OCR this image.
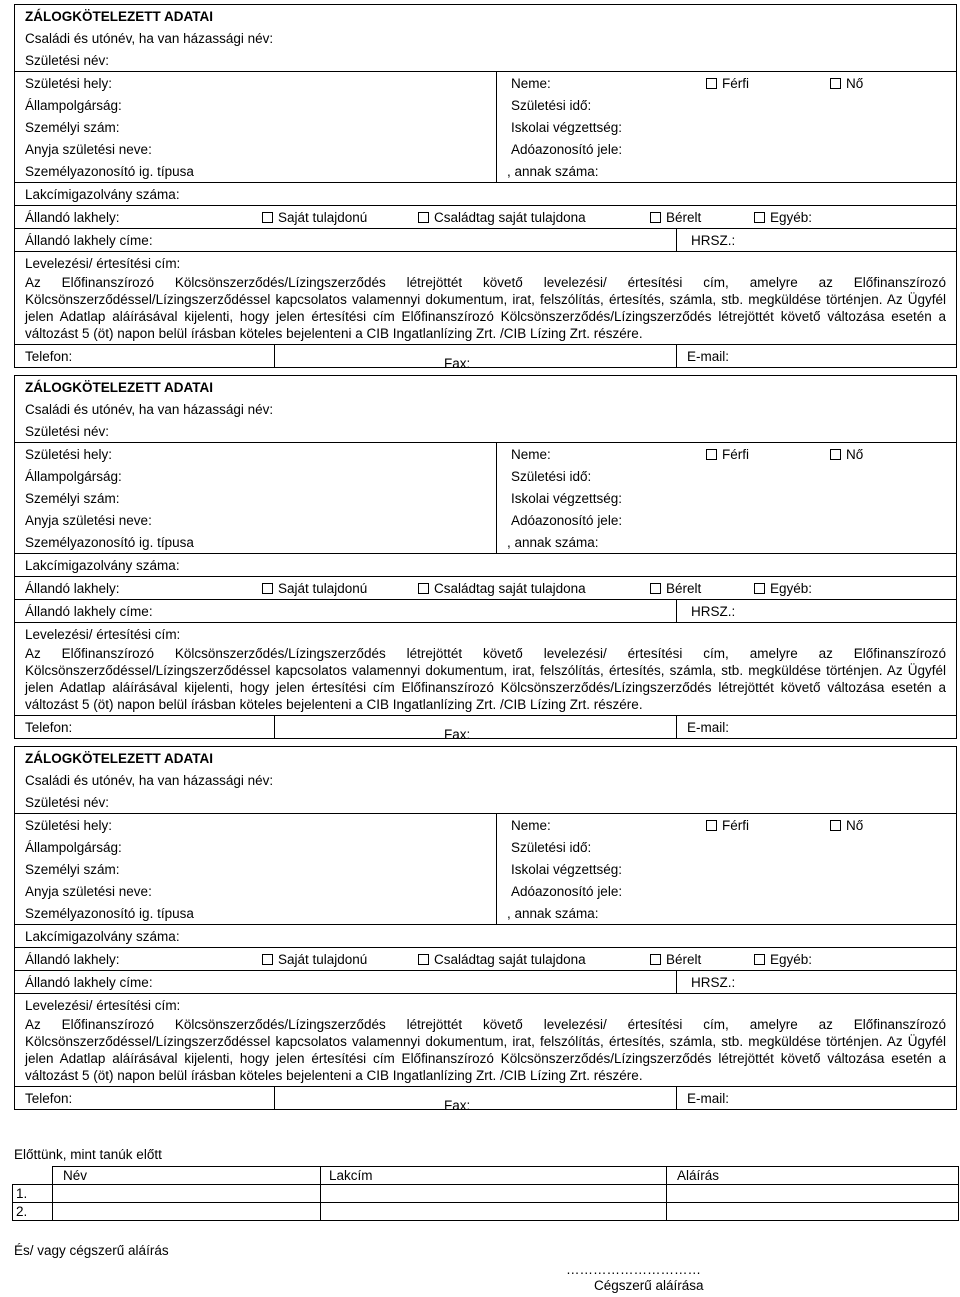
ZÁLOGKÖTELEZETT ADATAI			
Családi és utónév, ha van házassági név:			
Születési név:			
Születési hely:		Neme: Férfi Nő	

Állampolgárság:		Születési idő:	
Személyi szám:		Iskolai végzettség:	
Anyja születési neve:		Adóazonosító jele:	
Személyazonosító ig. típusa		, annak száma:	
Lakcímigazolvány száma:			
Állandó lakhely: Saját tulajdonú Családtag saját tulajdona Bérelt Egyéb:			

Állandó lakhely címe:			HRSZ.:
Levelezési/ értesítési cím:			
Az Előfinanszírozó Kölcsönszerződés/Lízingszerződés létrejöttét követő levelezési/ értesítési cím, amelyre az Előfinanszírozó Kölcsönszerződéssel/Lízingszerződéssel kapcsolatos valamennyi dokumentum, irat, felszólítás, értesítés, számla, stb. megküldése történjen. Az Ügyfél jelen Adatlap aláírásával kijelenti, hogy jelen értesítési cím Előfinanszírozó Kölcsönszerződés/Lízingszerződés létrejöttét követő változása esetén a változást 5 (öt) napon belül írásban köteles bejelenteni a CIB Ingatlanlízing Zrt. /CIB Lízing Zrt. részére.			
Telefon:	Fax:		E-mail:
ZÁLOGKÖTELEZETT ADATAI			
Családi és utónév, ha van házassági név:			
Születési név:			
Születési hely:		Neme: Férfi Nő	

Állampolgárság:		Születési idő:	
Személyi szám:		Iskolai végzettség:	
Anyja születési neve:		Adóazonosító jele:	
Személyazonosító ig. típusa		, annak száma:	
Lakcímigazolvány száma:			
Állandó lakhely: Saját tulajdonú Családtag saját tulajdona Bérelt Egyéb:			

Állandó lakhely címe:			HRSZ.:
Levelezési/ értesítési cím:			
Az Előfinanszírozó Kölcsönszerződés/Lízingszerződés létrejöttét követő levelezési/ értesítési cím, amelyre az Előfinanszírozó Kölcsönszerződéssel/Lízingszerződéssel kapcsolatos valamennyi dokumentum, irat, felszólítás, értesítés, számla, stb. megküldése történjen. Az Ügyfél jelen Adatlap aláírásával kijelenti, hogy jelen értesítési cím Előfinanszírozó Kölcsönszerződés/Lízingszerződés létrejöttét követő változása esetén a változást 5 (öt) napon belül írásban köteles bejelenteni a CIB Ingatlanlízing Zrt. /CIB Lízing Zrt. részére.			
Telefon:	Fax:		E-mail:
ZÁLOGKÖTELEZETT ADATAI			
Családi és utónév, ha van házassági név:			
Születési név:			
Születési hely:		Neme: Férfi Nő	

Állampolgárság:		Születési idő:	
Személyi szám:		Iskolai végzettség:	
Anyja születési neve:		Adóazonosító jele:	
Személyazonosító ig. típusa		, annak száma:	
Lakcímigazolvány száma:			
Állandó lakhely: Saját tulajdonú Családtag saját tulajdona Bérelt Egyéb:			

Állandó lakhely címe:			HRSZ.:
Levelezési/ értesítési cím:			
Az Előfinanszírozó Kölcsönszerződés/Lízingszerződés létrejöttét követő levelezési/ értesítési cím, amelyre az Előfinanszírozó Kölcsönszerződéssel/Lízingszerződéssel kapcsolatos valamennyi dokumentum, irat, felszólítás, értesítés, számla, stb. megküldése történjen. Az Ügyfél jelen Adatlap aláírásával kijelenti, hogy jelen értesítési cím Előfinanszírozó Kölcsönszerződés/Lízingszerződés létrejöttét követő változása esetén a változást 5 (öt) napon belül írásban köteles bejelenteni a CIB Ingatlanlízing Zrt. /CIB Lízing Zrt. részére.			
Telefon:	Fax:		E-mail:
Előttünk, mint tanúk előtt
	Név	Lakcím	Aláírás
1.			
2.			
És/ vagy cégszerű aláírás
…………………………
Cégszerű aláírása
